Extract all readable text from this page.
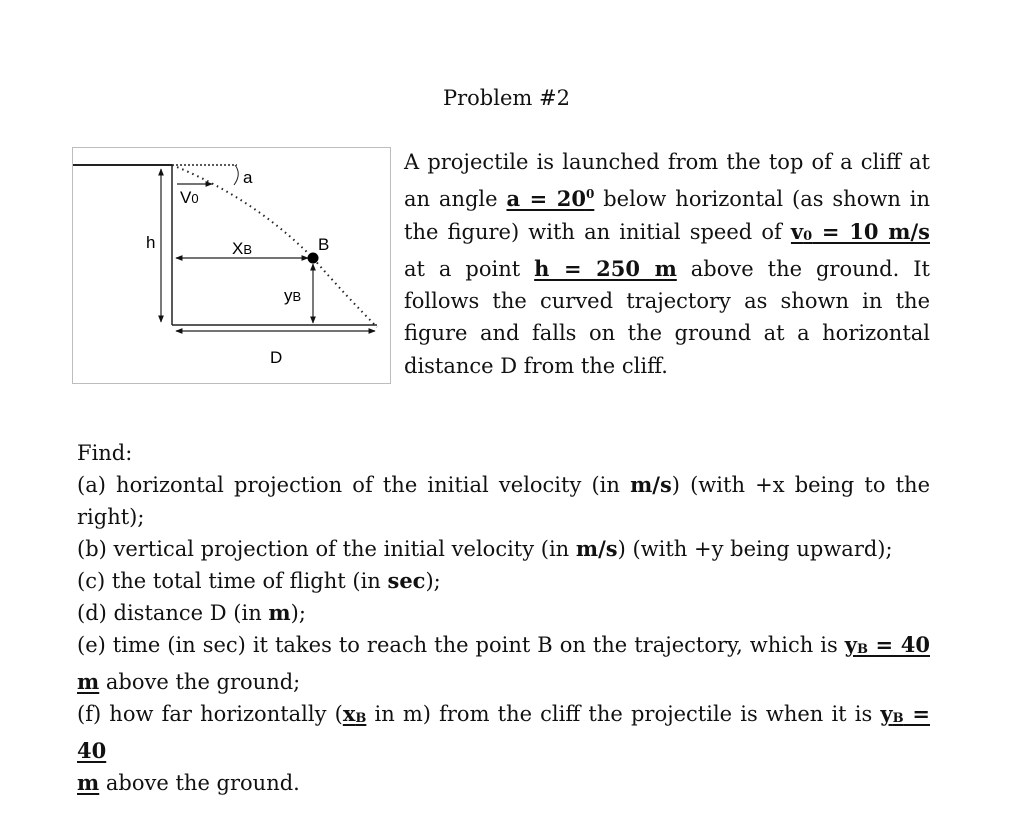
Problem #2
a
V0
h	XB	B
yB
D

A projectile is launched from the top of a cliff at an angle $a = 20^0$ below horizontal (as shown in the figure) with an initial speed of v0 = 10 m/s at a point h = 250 m above the ground. It follows the curved trajectory as shown in the figure and falls on the ground at a horizontal distance D from the cliff.

Find:

(a) horizontal projection of the initial velocity (in m/s) (with +x being to the right);

(b) vertical projection of the initial velocity (in m/s) (with +y being upward);
(c) the total time of flight (in sec);
(d) distance D (in m);

(e) time (in sec) it takes to reach the point B on the trajectory, which is yB = 40 m above the ground;

(f) how far horizontally (xB in m) from the cliff the projectile is when it is yB = 40
m above the ground.
